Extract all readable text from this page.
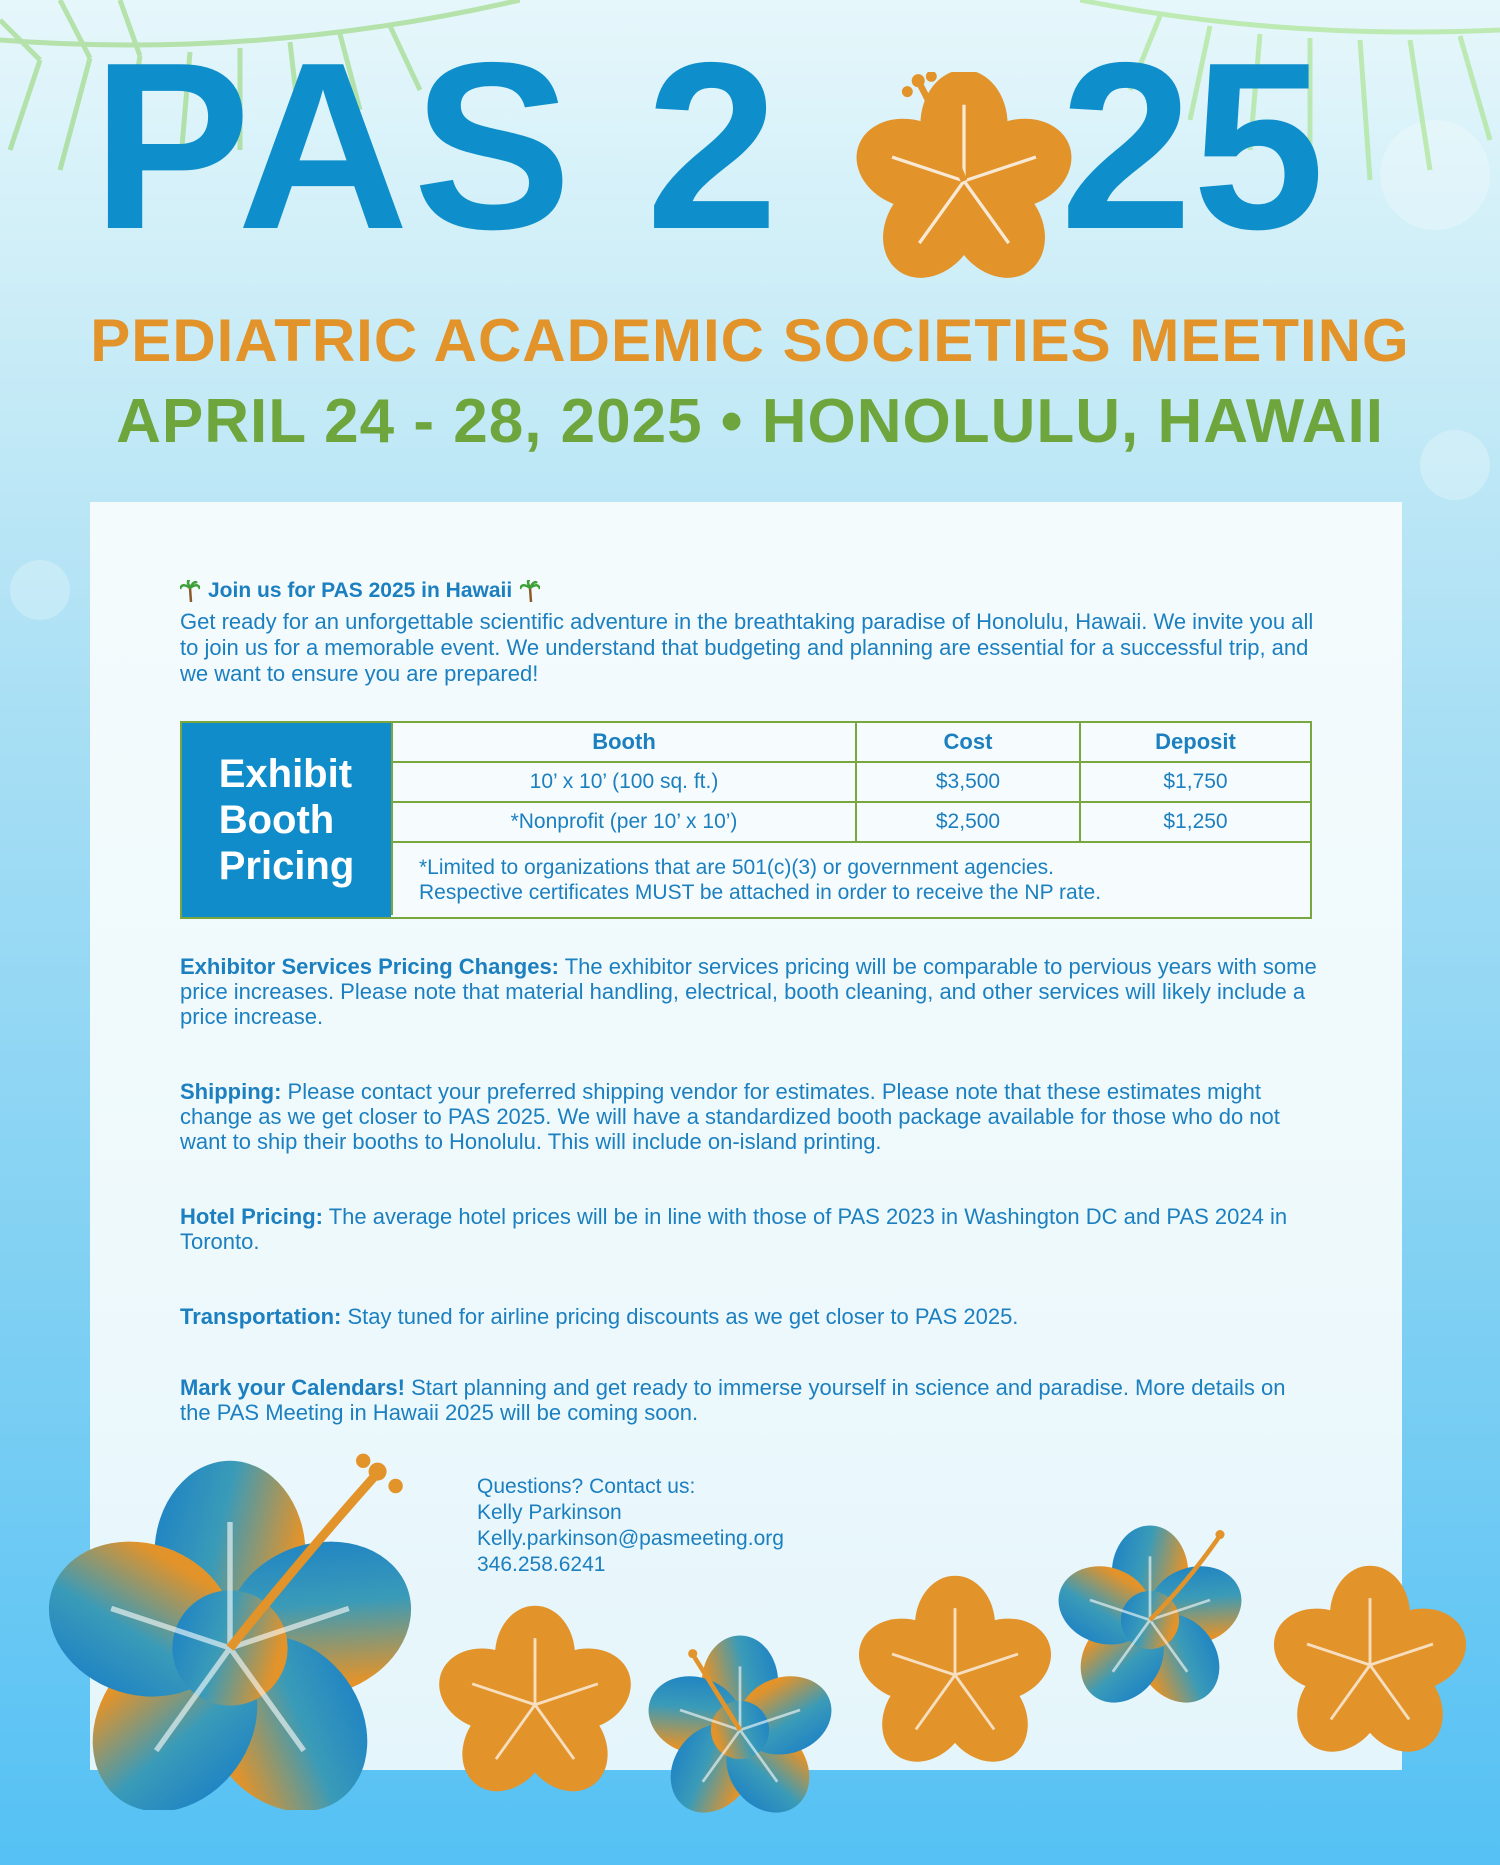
PAS 2 25
PEDIATRIC ACADEMIC SOCIETIES MEETING
APRIL 24 - 28, 2025 • HONOLULU, HAWAII
Join us for PAS 2025 in Hawaii
Get ready for an unforgettable scientific adventure in the breathtaking paradise of Honolulu, Hawaii. We invite you all to join us for a memorable event. We understand that budgeting and planning are essential for a successful trip, and we want to ensure you are prepared!
Exhibit
Booth
Pricing
Booth	Cost	Deposit
10’ x 10’ (100 sq. ft.)	$3,500	$1,750
*Nonprofit (per 10’ x 10’)	$2,500	$1,250
*Limited to organizations that are 501(c)(3) or government agencies.
Respective certificates MUST be attached in order to receive the NP rate.
Exhibitor Services Pricing Changes: The exhibitor services pricing will be comparable to pervious years with some price increases. Please note that material handling, electrical, booth cleaning, and other services will likely include a price increase.
Shipping: Please contact your preferred shipping vendor for estimates. Please note that these estimates might change as we get closer to PAS 2025. We will have a standardized booth package available for those who do not want to ship their booths to Honolulu. This will include on-island printing.
Hotel Pricing: The average hotel prices will be in line with those of PAS 2023 in Washington DC and PAS 2024 in Toronto.
Transportation: Stay tuned for airline pricing discounts as we get closer to PAS 2025.
Mark your Calendars! Start planning and get ready to immerse yourself in science and paradise. More details on the PAS Meeting in Hawaii 2025 will be coming soon.
Questions? Contact us:
Kelly Parkinson
Kelly.parkinson@pasmeeting.org
346.258.6241
